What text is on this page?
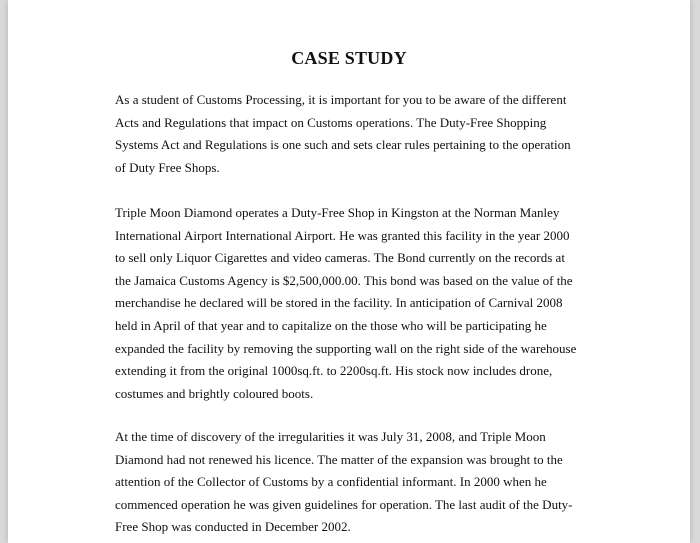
CASE STUDY
As a student of Customs Processing, it is important for you to be aware of the different
Acts and Regulations that impact on Customs operations. The Duty-Free Shopping
Systems Act and Regulations is one such and sets clear rules pertaining to the operation
of Duty Free Shops.
Triple Moon Diamond operates a Duty-Free Shop in Kingston at the Norman Manley
International Airport International Airport. He was granted this facility in the year 2000
to sell only Liquor Cigarettes and video cameras. The Bond currently on the records at
the Jamaica Customs Agency is $2,500,000.00. This bond was based on the value of the
merchandise he declared will be stored in the facility. In anticipation of Carnival 2008
held in April of that year and to capitalize on the those who will be participating he
expanded the facility by removing the supporting wall on the right side of the warehouse
extending it from the original 1000sq.ft. to 2200sq.ft. His stock now includes drone,
costumes and brightly coloured boots.
At the time of discovery of the irregularities it was July 31, 2008, and Triple Moon
Diamond had not renewed his licence. The matter of the expansion was brought to the
attention of the Collector of Customs by a confidential informant. In 2000 when he
commenced operation he was given guidelines for operation. The last audit of the Duty-
Free Shop was conducted in December 2002.
